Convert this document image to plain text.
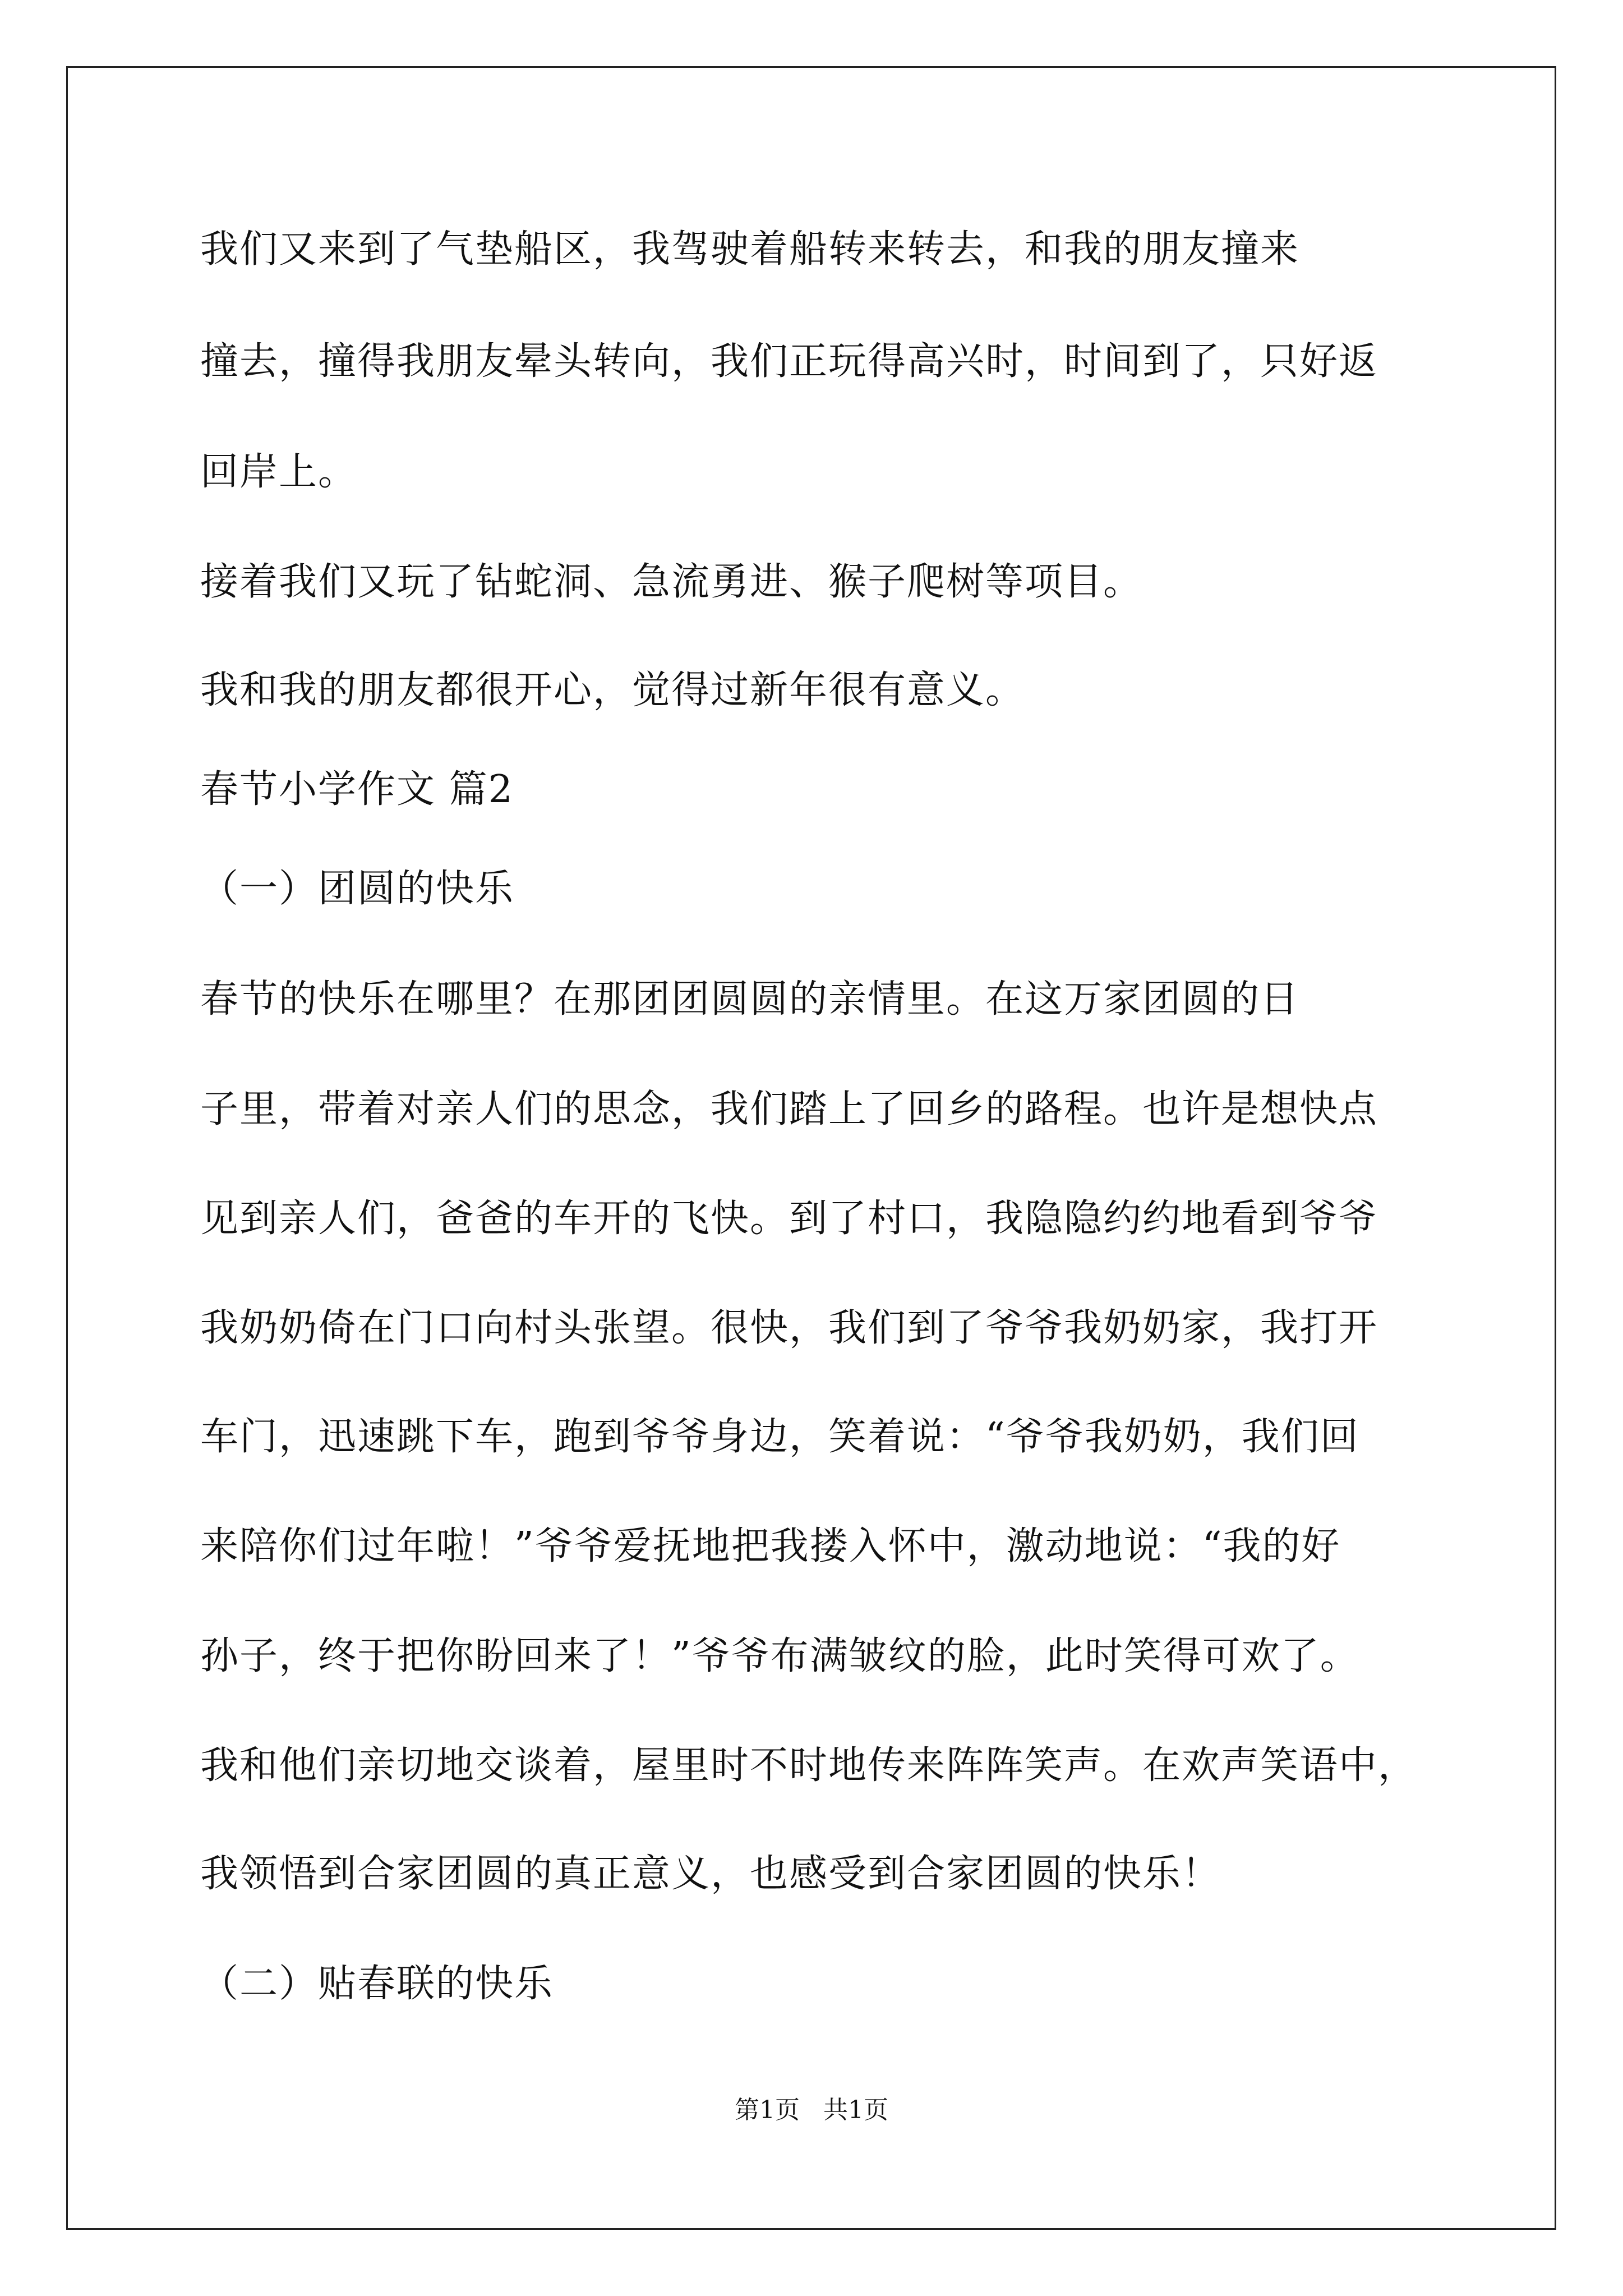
我们又来到了气垫船区，我驾驶着船转来转去，和我的朋友撞来
撞去，撞得我朋友晕头转向，我们正玩得高兴时，时间到了，只好返
回岸上。
接着我们又玩了钻蛇洞、急流勇进、猴子爬树等项目。
我和我的朋友都很开心，觉得过新年很有意义。
春节小学作文 篇2
（一）团圆的快乐
春节的快乐在哪里？在那团团圆圆的亲情里。在这万家团圆的日
子里，带着对亲人们的思念，我们踏上了回乡的路程。也许是想快点
见到亲人们，爸爸的车开的飞快。到了村口，我隐隐约约地看到爷爷
我奶奶倚在门口向村头张望。很快，我们到了爷爷我奶奶家，我打开
车门，迅速跳下车，跑到爷爷身边，笑着说：“爷爷我奶奶，我们回
来陪你们过年啦！”爷爷爱抚地把我搂入怀中，激动地说：“我的好
孙子，终于把你盼回来了！”爷爷布满皱纹的脸，此时笑得可欢了。
我和他们亲切地交谈着，屋里时不时地传来阵阵笑声。在欢声笑语中，
我领悟到合家团圆的真正意义，也感受到合家团圆的快乐！
（二）贴春联的快乐
第1页   共1页
